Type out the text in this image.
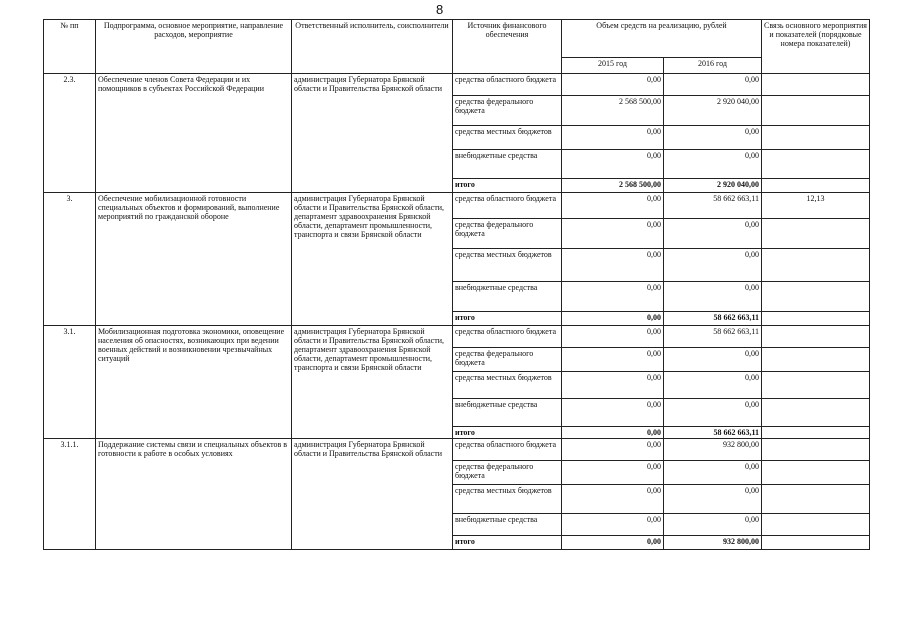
8
№ пп	Подпрограмма, основное мероприятие, направление расходов, мероприятие	Ответственный исполнитель, соисполнители	Источник финансового обеспечения	Объем средств на реализацию, рублей		Связь основного мероприятия и показателей (порядковые номера показателей)
				2015 год	2016 год	
2.3.	Обеспечение членов Совета Федерации и их помощников в субъектах Российской Федерации	администрация Губернатора Брянской области и Правительства Брянской области	средства областного бюджета	0,00	0,00	
			средства федерального бюджета	2 568 500,00	2 920 040,00	
			средства местных бюджетов	0,00	0,00	
			внебюджетные средства	0,00	0,00	
			итого	2 568 500,00	2 920 040,00	
3.	Обеспечение мобилизационной готовности специальных объектов и формирований, выполнение мероприятий по гражданской обороне	администрация Губернатора Брянской области и Правительства Брянской области, департамент здравоохранения Брянской области, департамент промышленности, транспорта и связи Брянской области	средства областного бюджета	0,00	58 662 663,11	12,13
			средства федерального бюджета	0,00	0,00	
			средства местных бюджетов	0,00	0,00	
			внебюджетные средства	0,00	0,00	
			итого	0,00	58 662 663,11	
3.1.	Мобилизационная подготовка экономики, оповещение населения об опасностях, возникающих при ведении военных действий и возникновении чрезвычайных ситуаций	администрация Губернатора Брянской области и Правительства Брянской области, департамент здравоохранения Брянской области, департамент промышленности, транспорта и связи Брянской области	средства областного бюджета	0,00	58 662 663,11	
			средства федерального бюджета	0,00	0,00	
			средства местных бюджетов	0,00	0,00	
			внебюджетные средства	0,00	0,00	
			итого	0,00	58 662 663,11	
3.1.1.	Поддержание системы связи и специальных объектов в готовности к работе в особых условиях	администрация Губернатора Брянской области и Правительства Брянской области	средства областного бюджета	0,00	932 800,00	
			средства федерального бюджета	0,00	0,00	
			средства местных бюджетов	0,00	0,00	
			внебюджетные средства	0,00	0,00	
			итого	0,00	932 800,00	
